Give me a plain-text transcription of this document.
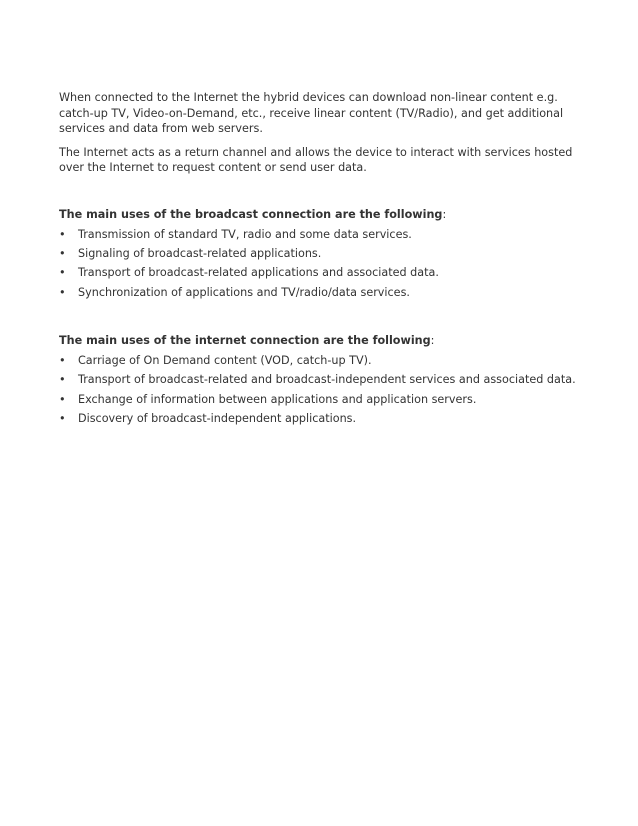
When connected to the Internet the hybrid devices can download non-linear content e.g. catch-up TV, Video-on-Demand, etc., receive linear content (TV/Radio), and get additional services and data from web servers.

The Internet acts as a return channel and allows the device to interact with services hosted over the Internet to request content or send user data.

The main uses of the broadcast connection are the following:

• Transmission of standard TV, radio and some data services.
• Signaling of broadcast-related applications.
• Transport of broadcast-related applications and associated data.
• Synchronization of applications and TV/radio/data services.

The main uses of the internet connection are the following:

• Carriage of On Demand content (VOD, catch-up TV).
• Transport of broadcast-related and broadcast-independent services and associated data.
• Exchange of information between applications and application servers.
• Discovery of broadcast-independent applications.
